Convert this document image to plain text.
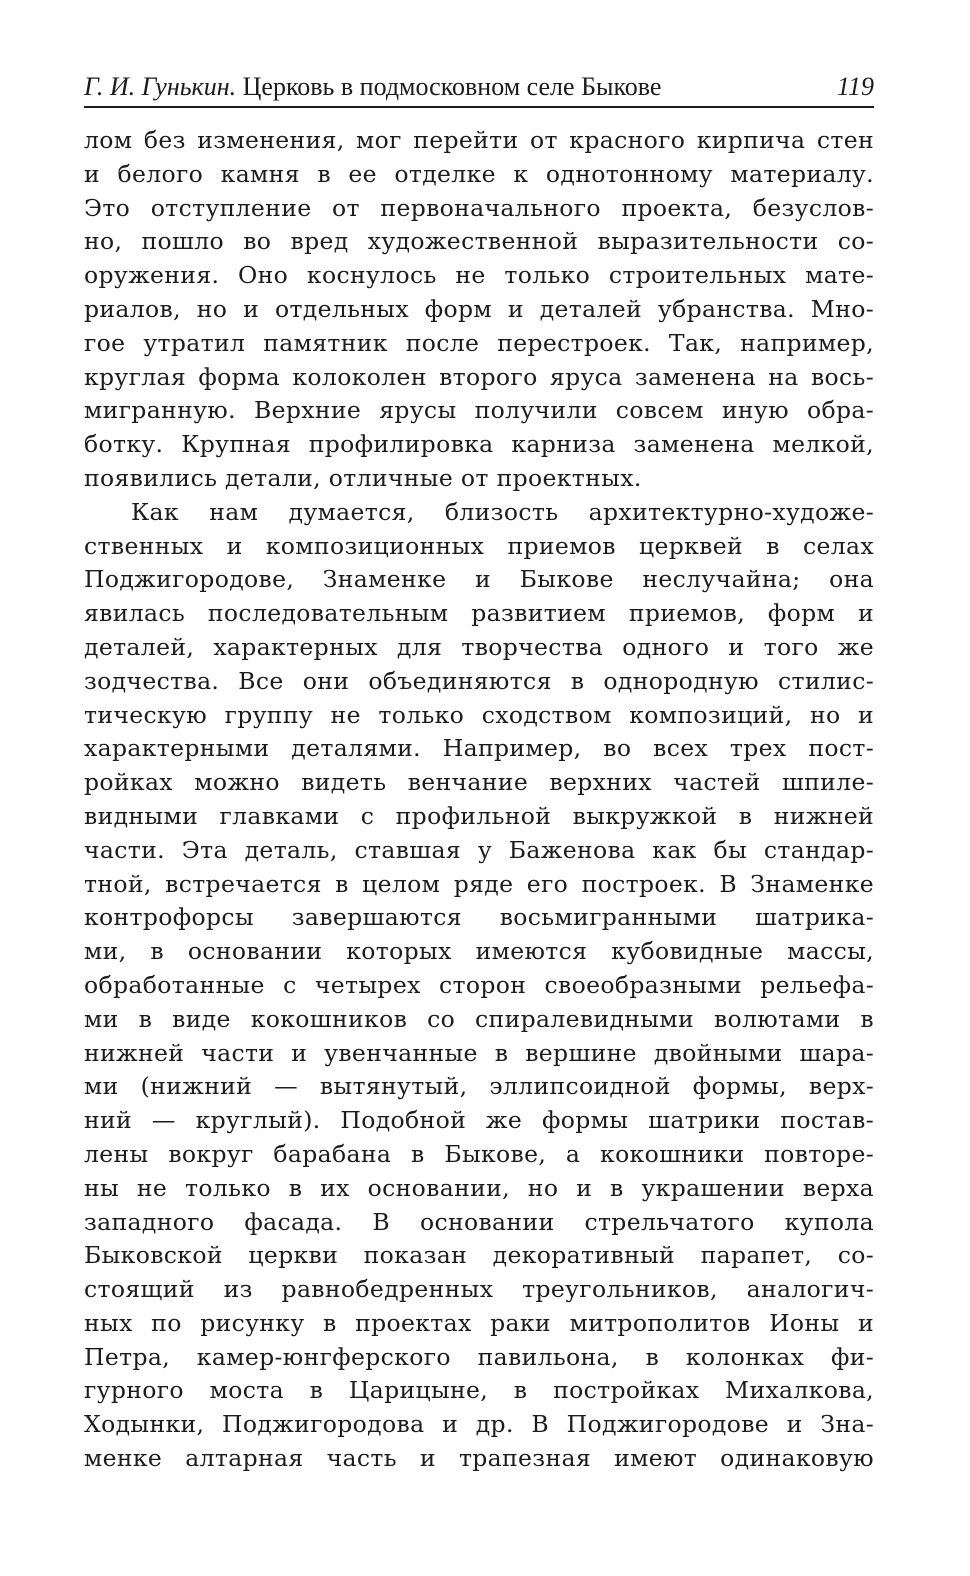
Г. И. Гунькин. Церковь в подмосковном селе Быкове	119
лом без изменения, мог перейти от красного кирпича стен
и белого камня в ее отделке к однотонному материалу.
Это отступление от первоначального проекта, безуслов-
но, пошло во вред художественной выразительности со-
оружения. Оно коснулось не только строительных мате-
риалов, но и отдельных форм и деталей убранства. Мно-
гое утратил памятник после перестроек. Так, например,
круглая форма колоколен второго яруса заменена на вось-
мигранную. Верхние ярусы получили совсем иную обра-
ботку. Крупная профилировка карниза заменена мелкой,
появились детали, отличные от проектных.
Как нам думается, близость архитектурно-художе-
ственных и композиционных приемов церквей в селах
Поджигородове, Знаменке и Быкове неслучайна; она
явилась последовательным развитием приемов, форм и
деталей, характерных для творчества одного и того же
зодчества. Все они объединяются в однородную стилис-
тическую группу не только сходством композиций, но и
характерными деталями. Например, во всех трех пост-
ройках можно видеть венчание верхних частей шпиле-
видными главками с профильной выкружкой в нижней
части. Эта деталь, ставшая у Баженова как бы стандар-
тной, встречается в целом ряде его построек. В Знаменке
контрофорсы завершаются восьмигранными шатрика-
ми, в основании которых имеются кубовидные массы,
обработанные с четырех сторон своеобразными рельефа-
ми в виде кокошников со спиралевидными волютами в
нижней части и увенчанные в вершине двойными шара-
ми (нижний — вытянутый, эллипсоидной формы, верх-
ний — круглый). Подобной же формы шатрики постав-
лены вокруг барабана в Быкове, а кокошники повторе-
ны не только в их основании, но и в украшении верха
западного фасада. В основании стрельчатого купола
Быковской церкви показан декоративный парапет, со-
стоящий из равнобедренных треугольников, аналогич-
ных по рисунку в проектах раки митрополитов Ионы и
Петра, камер-юнгферского павильона, в колонках фи-
гурного моста в Царицыне, в постройках Михалкова,
Ходынки, Поджигородова и др. В Поджигородове и Зна-
менке алтарная часть и трапезная имеют одинаковую
